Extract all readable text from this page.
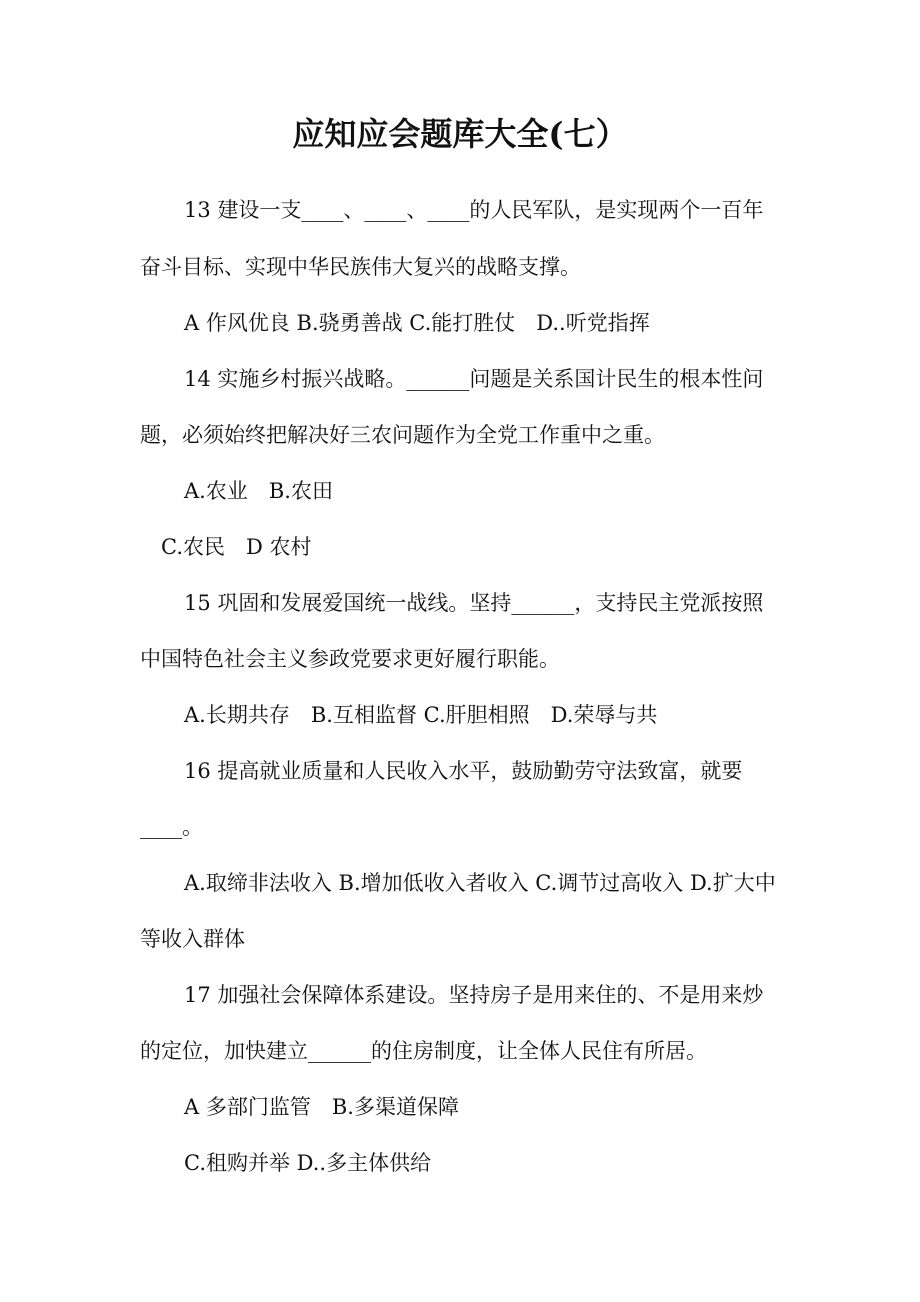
应知应会题库大全(七）

13 建设一支____、____、____的人民军队，是实现两个一百年

奋斗目标、实现中华民族伟大复兴的战略支撑。

A 作风优良 B.骁勇善战 C.能打胜仗　D..听党指挥

14 实施乡村振兴战略。______问题是关系国计民生的根本性问

题，必须始终把解决好三农问题作为全党工作重中之重。

A.农业　B.农田

C.农民　D 农村

15 巩固和发展爱国统一战线。坚持______，支持民主党派按照

中国特色社会主义参政党要求更好履行职能。

A.长期共存　B.互相监督 C.肝胆相照　D.荣辱与共

16 提高就业质量和人民收入水平，鼓励勤劳守法致富，就要

____。

A.取缔非法收入 B.增加低收入者收入 C.调节过高收入 D.扩大中

等收入群体

17 加强社会保障体系建设。坚持房子是用来住的、不是用来炒

的定位，加快建立______的住房制度，让全体人民住有所居。

A 多部门监管　B.多渠道保障

C.租购并举 D..多主体供给
